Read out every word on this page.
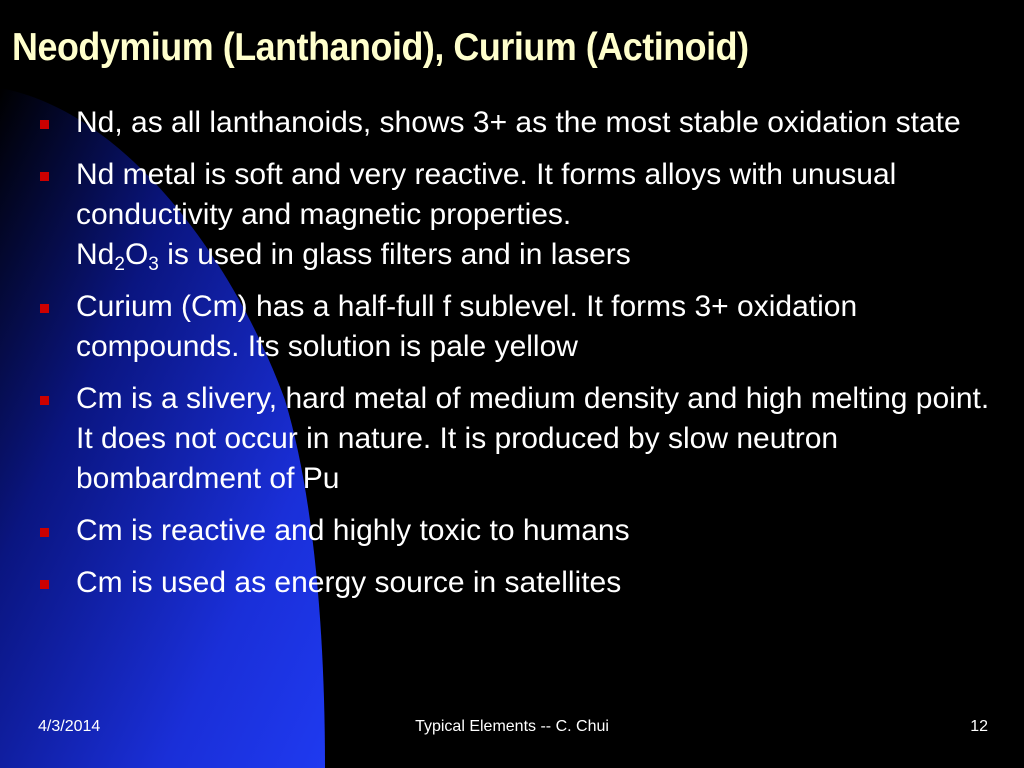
Neodymium (Lanthanoid), Curium (Actinoid)
Nd, as all lanthanoids, shows 3+ as the most stable oxidation state
Nd metal is soft and very reactive. It forms alloys with unusual conductivity and magnetic properties.
$Nd_2O_3$ is used in glass filters and in lasers
Curium (Cm) has a half-full f sublevel. It forms 3+ oxidation compounds. Its solution is pale yellow
Cm is a slivery, hard metal of medium density and high melting point. It does not occur in nature. It is produced by slow neutron bombardment of Pu
Cm is reactive and highly toxic to humans
Cm is used as energy source in satellites
4/3/2014	Typical Elements -- C. Chui	12
